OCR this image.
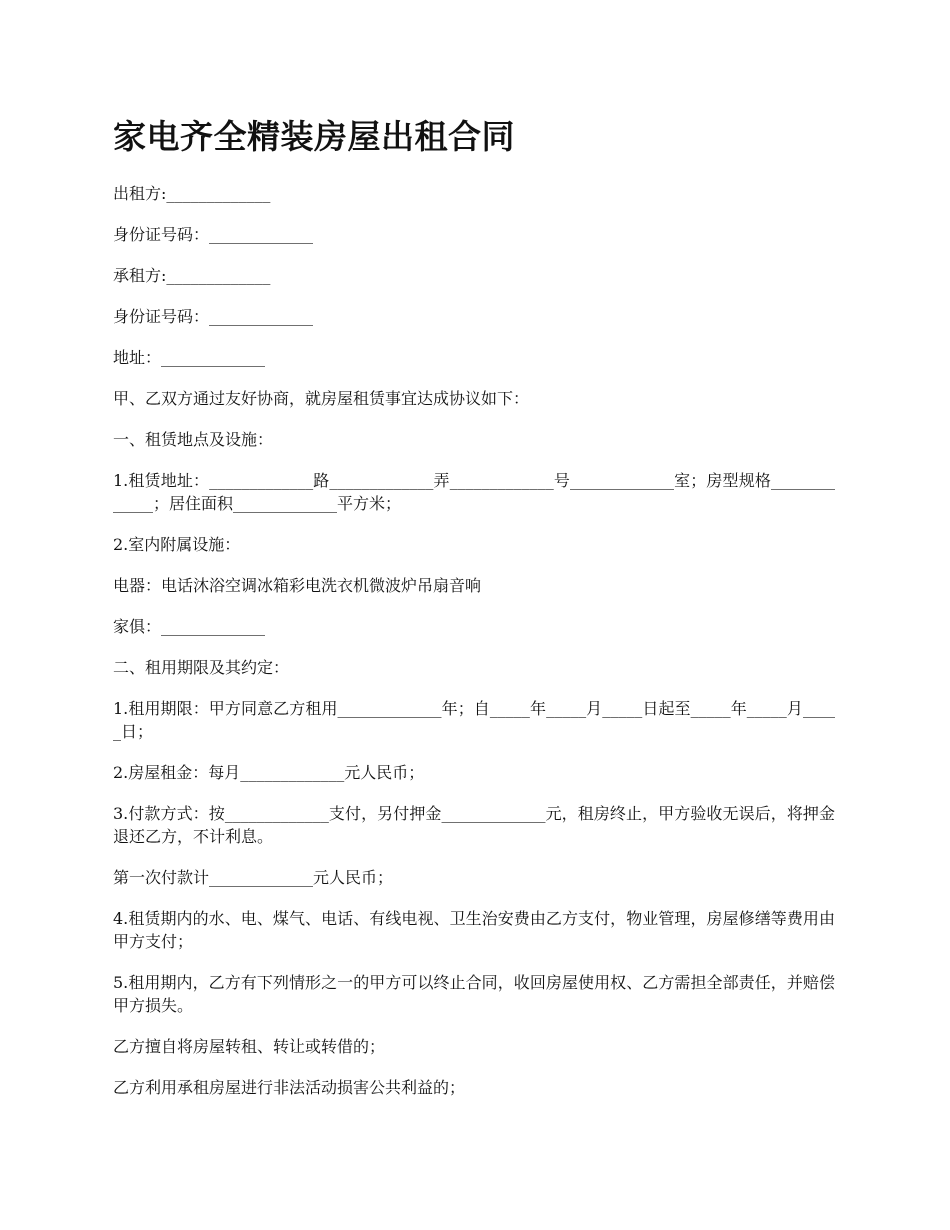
家电齐全精装房屋出租合同

出租方:_____________

身份证号码：_____________

承租方:_____________

身份证号码：_____________

地址：_____________

甲、乙双方通过友好协商，就房屋租赁事宜达成协议如下：

一、租赁地点及设施：

1.租赁地址：_____________路_____________弄_____________号_____________室；房型规格_____________；居住面积_____________平方米；

2.室内附属设施：

电器：电话沐浴空调冰箱彩电洗衣机微波炉吊扇音响

家俱：_____________

二、租用期限及其约定：

1.租用期限：甲方同意乙方租用_____________年；自_____年_____月_____日起至_____年_____月_____日；

2.房屋租金：每月_____________元人民币；

3.付款方式：按_____________支付，另付押金_____________元，租房终止，甲方验收无误后，将押金退还乙方，不计利息。

第一次付款计_____________元人民币；

4.租赁期内的水、电、煤气、电话、有线电视、卫生治安费由乙方支付，物业管理，房屋修缮等费用由甲方支付；

5.租用期内，乙方有下列情形之一的甲方可以终止合同，收回房屋使用权、乙方需担全部责任，并赔偿甲方损失。

乙方擅自将房屋转租、转让或转借的；

乙方利用承租房屋进行非法活动损害公共利益的；
